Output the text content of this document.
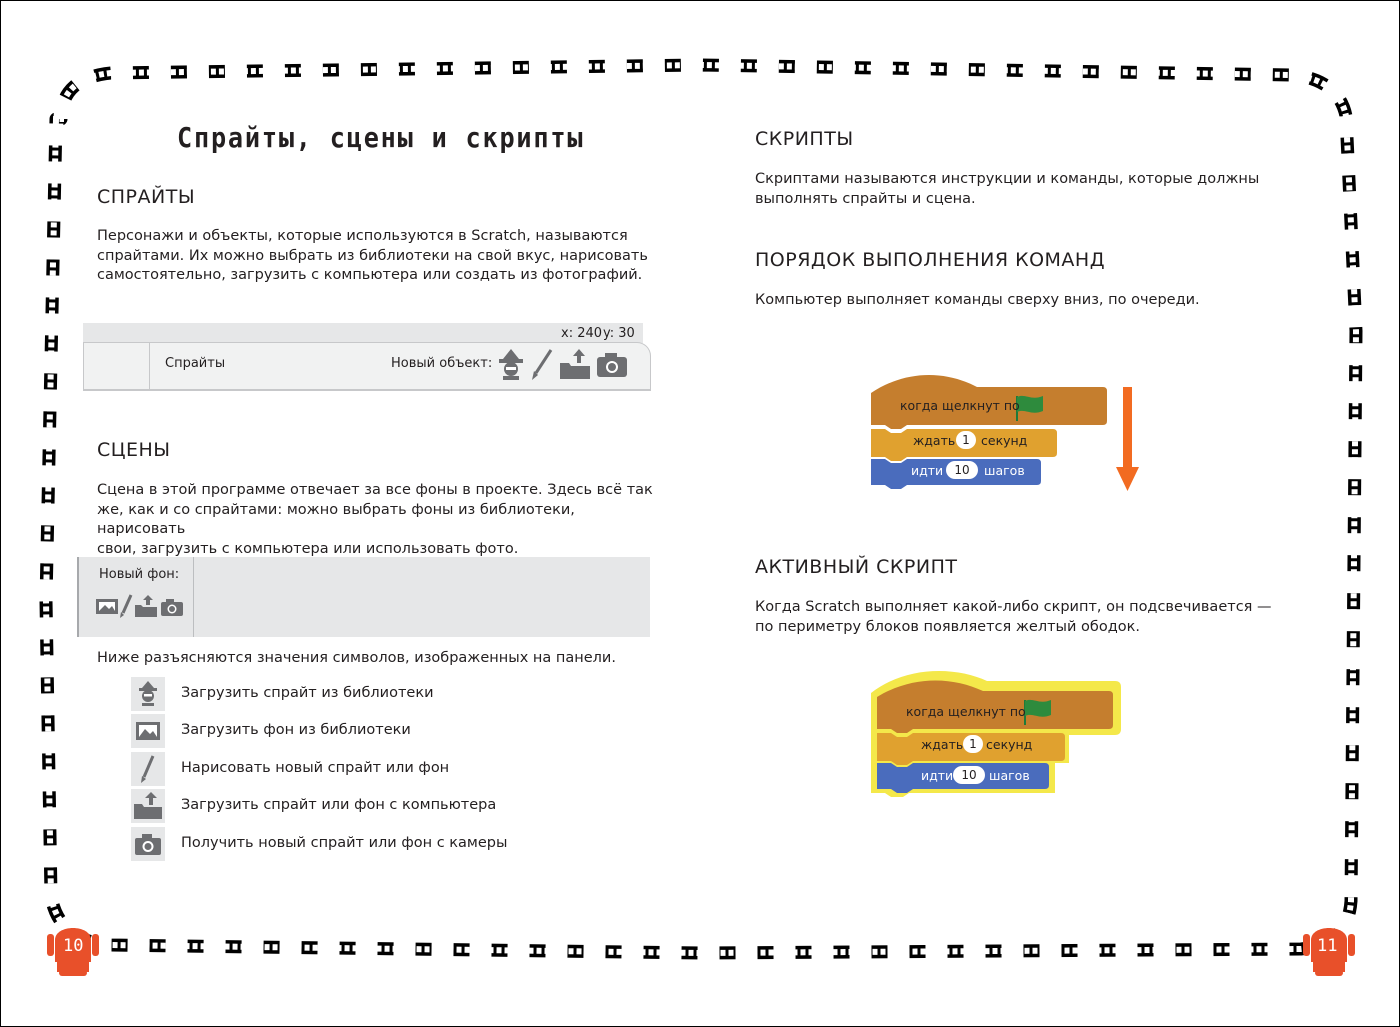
Спрайты, сцены и скрипты
СПРАЙТЫ
Персонажи и объекты, которые используются в Scratch, называются
спрайтами. Их можно выбрать из библиотеки на свой вкус, нарисовать
самостоятельно, загрузить с компьютера или создать из фотографий.
x: 240 y: 30
Спрайты	Новый объект:
СЦЕНЫ
Сцена в этой программе отвечает за все фоны в проекте. Здесь всё так
же, как и со спрайтами: можно выбрать фоны из библиотеки, нарисовать
свои, загрузить с компьютера или использовать фото.
Новый фон:
Ниже разъясняются значения символов, изображенных на панели.
Загрузить спрайт из библиотеки
Загрузить фон из библиотеки
Нарисовать новый спрайт или фон
Загрузить спрайт или фон с компьютера
Получить новый спрайт или фон с камеры
10
СКРИПТЫ
Скриптами называются инструкции и команды, которые должны
выполнять спрайты и сцена.
ПОРЯДОК ВЫПОЛНЕНИЯ КОМАНД
Компьютер выполняет команды сверху вниз, по очереди.
когда щелкнут по
ждать 1 секунд
идти 10	шагов
АКТИВНЫЙ СКРИПТ
Когда Scratch выполняет какой-либо скрипт, он подсвечивается —
по периметру блоков появляется желтый ободок.
когда щелкнут по
ждать 1 секунд
идти 10 шагов
11
